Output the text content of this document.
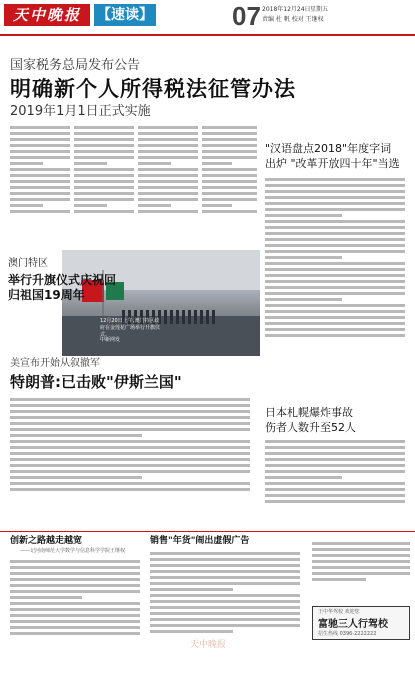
天中晚报	【速读】	07 2018年12月24日 星期五
责编 杜 帆 校对 王继权
国家税务总局发布公告
明确新个人所得税法征管办法
2019年1月1日正式实施
澳门特区
举行升旗仪式庆祝回归祖国19周年
12月20日上午,澳门特区政府在金莲花广场举行升旗仪式。
中新网发
美宣布开始从叙撤军
特朗普:已击败"伊斯兰国"
"汉语盘点2018"年度字词
出炉 "改革开放四十年"当选
日本札幌爆炸事故
伤者人数升至52人
创新之路越走越宽
——记河南师范大学数学与信息科学学院王继权
销售"年货"闹出虚假广告
王中华驾校 欢迎您
富驰三人行驾校
招生热线 0396-2222222
天中晚报
